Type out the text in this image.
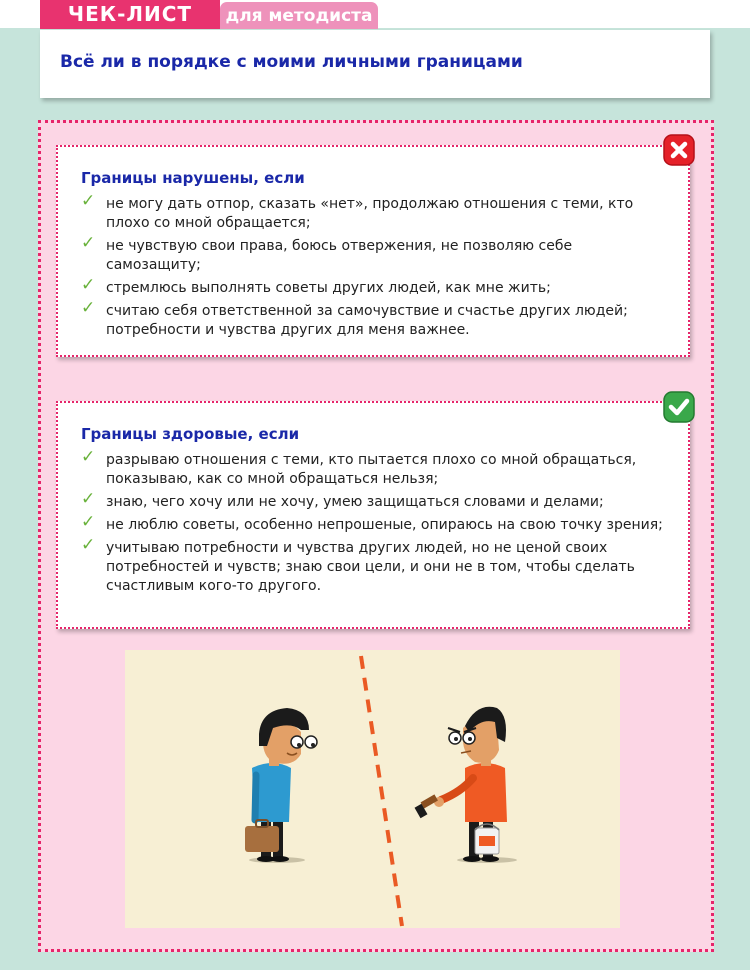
ЧЕК-ЛИСТ	для методиста
Всё ли в порядке с моими личными границами
Границы нарушены, если
✓ не могу дать отпор, сказать «нет», продолжаю отношения с теми, кто плохо со мной обращается;
✓ не чувствую свои права, боюсь отвержения, не позволяю себе самозащиту;
✓ стремлюсь выполнять советы других людей, как мне жить;
✓ считаю себя ответственной за самочувствие и счастье других людей; потребности и чувства других для меня важнее.
Границы здоровые, если
✓ разрываю отношения с теми, кто пытается плохо со мной обращаться, показываю, как со мной обращаться нельзя;
✓ знаю, чего хочу или не хочу, умею защищаться словами и делами;
✓ не люблю советы, особенно непрошеные, опираюсь на свою точку зрения;
✓ учитываю потребности и чувства других людей, но не ценой своих потребностей и чувств; знаю свои цели, и они не в том, чтобы сделать счастливым кого-то другого.
